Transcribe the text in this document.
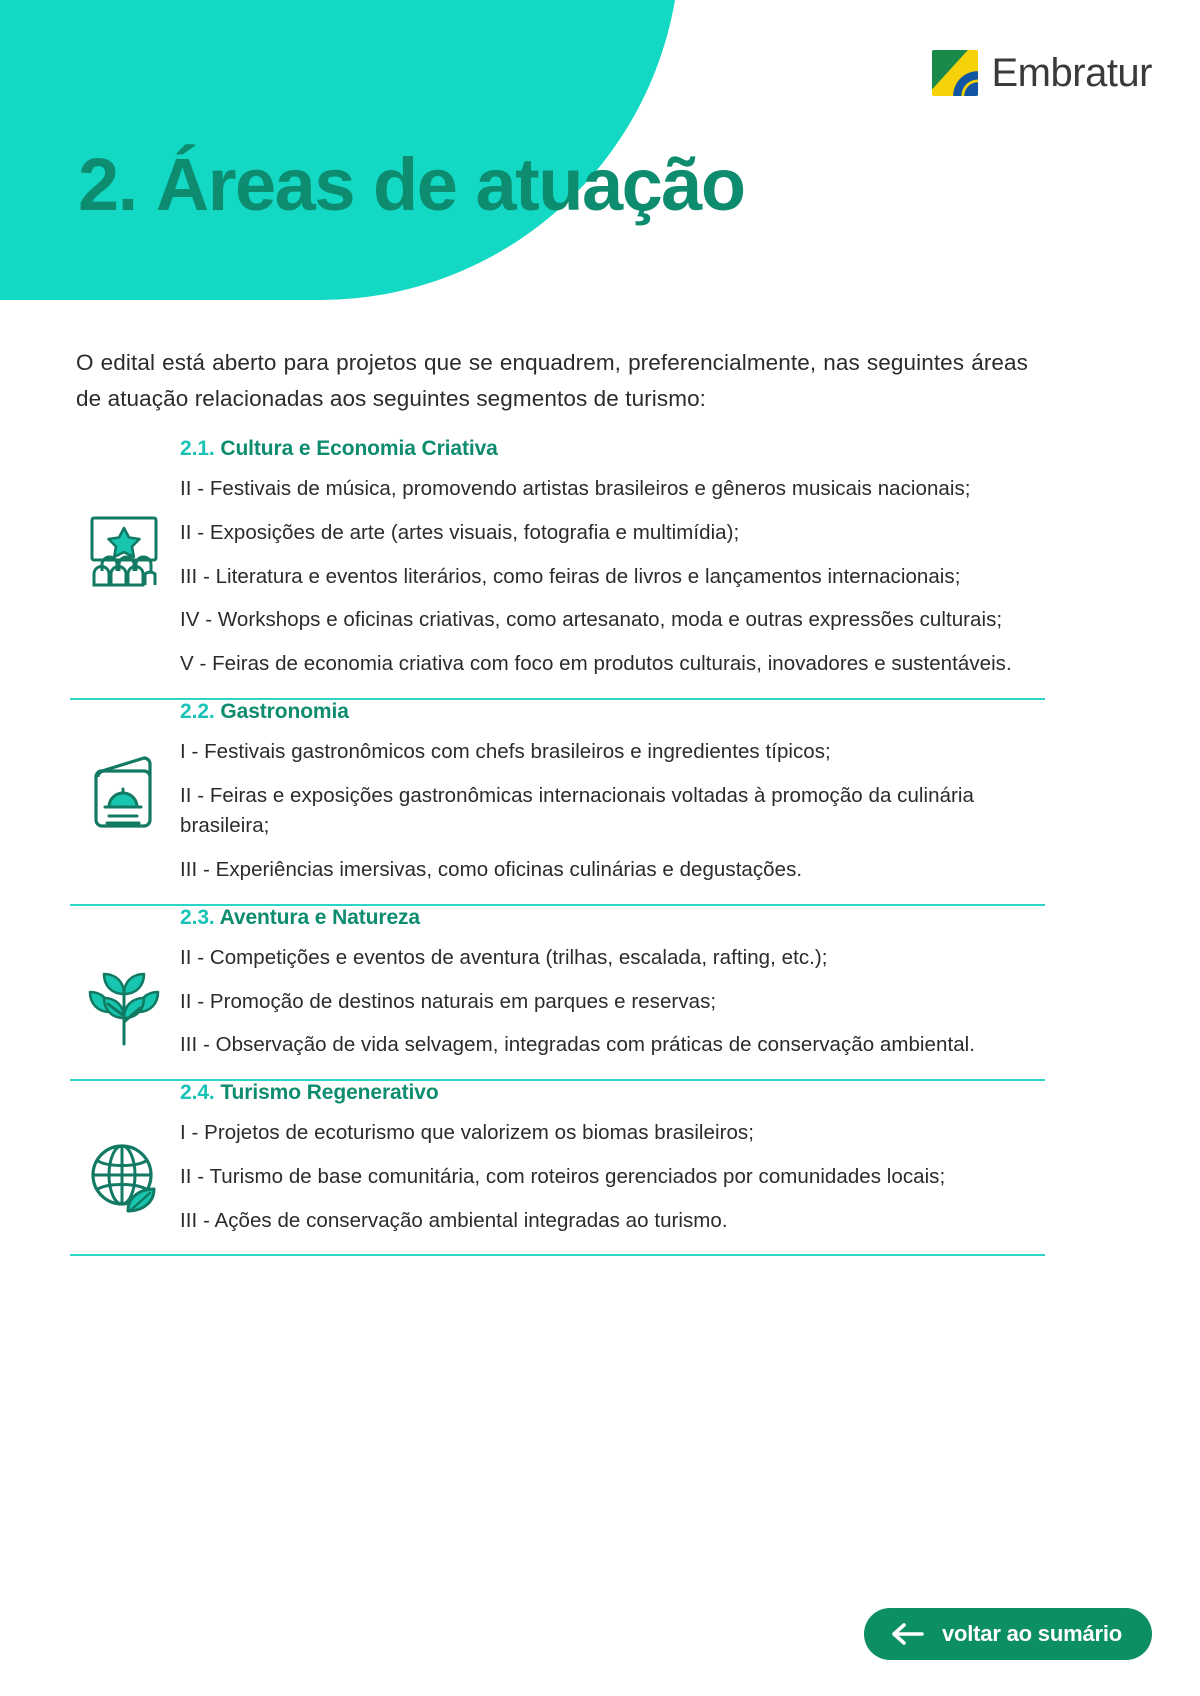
Embratur
2. Áreas de atuação

O edital está aberto para projetos que se enquadrem, preferencialmente, nas seguintes áreas de atuação relacionadas aos seguintes segmentos de turismo:

2.1. Cultura e Economia Criativa

II - Festivais de música, promovendo artistas brasileiros e gêneros musicais nacionais;

II - Exposições de arte (artes visuais, fotografia e multimídia);

III - Literatura e eventos literários, como feiras de livros e lançamentos internacionais;

IV - Workshops e oficinas criativas, como artesanato, moda e outras expressões culturais;

V - Feiras de economia criativa com foco em produtos culturais, inovadores e sustentáveis.

2.2. Gastronomia

I - Festivais gastronômicos com chefs brasileiros e ingredientes típicos;

II - Feiras e exposições gastronômicas internacionais voltadas à promoção da culinária brasileira;

III - Experiências imersivas, como oficinas culinárias e degustações.

2.3. Aventura e Natureza

II - Competições e eventos de aventura (trilhas, escalada, rafting, etc.);

II - Promoção de destinos naturais em parques e reservas;

III - Observação de vida selvagem, integradas com práticas de conservação ambiental.

2.4. Turismo Regenerativo

I - Projetos de ecoturismo que valorizem os biomas brasileiros;

II - Turismo de base comunitária, com roteiros gerenciados por comunidades locais;

III - Ações de conservação ambiental integradas ao turismo.

voltar ao sumário
